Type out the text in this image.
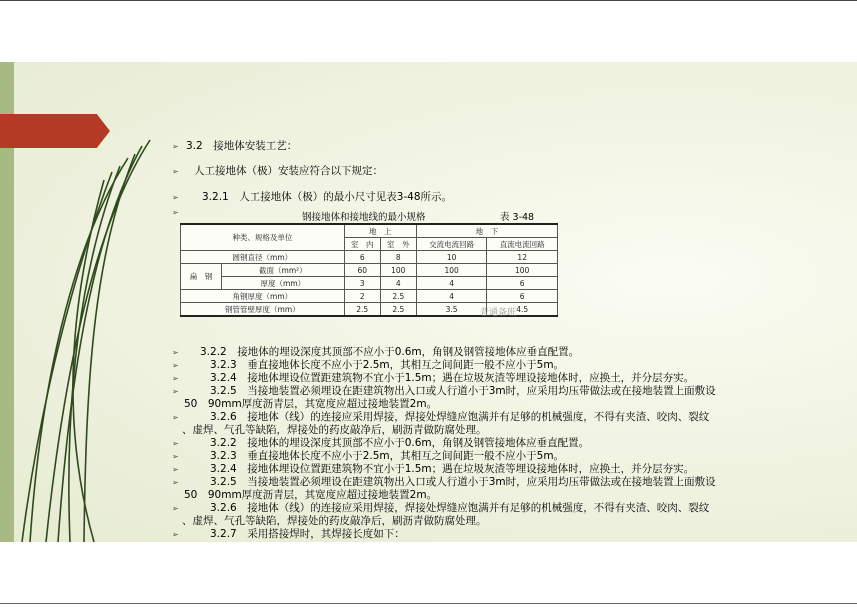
➢ 3.2　接地体安装工艺：
➢	人工接地体（极）安装应符合以下规定：
➢	3.2.1　人工接地体（极）的最小尺寸见表3-48所示。
➢	钢接地体和接地线的最小规格	表 3-48
种类、规格及单位		地　上		地　下	
		室　内	室　外	交流电流回路	直流电流回路
圆钢直径（mm）		6	8	10	12
扁　钢	截面（mm²）	60	100	100	100
	厚度（mm）	3	4	4	6
角钢厚度（mm）		2	2.5	4	6
钢管管壁厚度（mm）		2.5	2.5	3.5	4.5
普通备班
➢	3.2.2　接地体的埋设深度其顶部不应小于0.6m，角钢及钢管接地体应垂直配置。
➢	3.2.3　垂直接地体长度不应小于2.5m，其相互之间间距一般不应小于5m。
➢	3.2.4　接地体埋设位置距建筑物不宜小于1.5m；遇在垃圾灰渣等埋设接地体时，应换土，并分层夯实。
➢	3.2.5　当接地装置必须埋设在距建筑物出入口或人行道小于3m时，应采用均压带做法或在接地装置上面敷设
50　90mm厚度沥青层，其宽度应超过接地装置2m。
➢	3.2.6　接地体（线）的连接应采用焊接，焊接处焊缝应饱满并有足够的机械强度，不得有夹渣、咬肉、裂纹
、虚焊、气孔等缺陷，焊接处的药皮敲净后，刷沥青做防腐处理。
➢	3.2.2　接地体的埋设深度其顶部不应小于0.6m，角钢及钢管接地体应垂直配置。
➢	3.2.3　垂直接地体长度不应小于2.5m，其相互之间间距一般不应小于5m。
➢	3.2.4　接地体埋设位置距建筑物不宜小于1.5m；遇在垃圾灰渣等埋设接地体时，应换土，并分层夯实。
➢	3.2.5　当接地装置必须埋设在距建筑物出入口或人行道小于3m时，应采用均压带做法或在接地装置上面敷设
50　90mm厚度沥青层，其宽度应超过接地装置2m。
➢	3.2.6　接地体（线）的连接应采用焊接，焊接处焊缝应饱满并有足够的机械强度，不得有夹渣、咬肉、裂纹
、虚焊、气孔等缺陷，焊接处的药皮敲净后，刷沥青做防腐处理。
➢	3.2.7　采用搭接焊时，其焊接长度如下：
